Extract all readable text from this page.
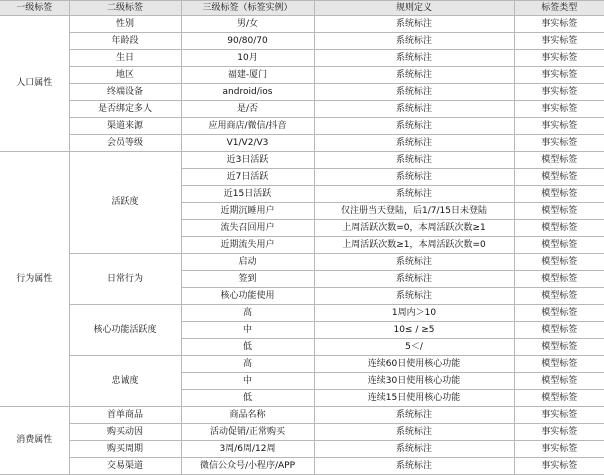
一级标签	二级标签	三级标签（标签实例）	规则定义	标签类型
人口属性	性别	男/女	系统标注	事实标签
	年龄段	90/80/70	系统标注	事实标签
	生日	10月	系统标注	事实标签
	地区	福建-厦门	系统标注	事实标签
	终端设备	android/ios	系统标注	事实标签
	是否绑定多人	是/否	系统标注	事实标签
	渠道来源	应用商店/微信/抖音	系统标注	事实标签
	会员等级	V1/V2/V3	系统标注	事实标签
行为属性	活跃度	近3日活跃	系统标注	模型标签
		近7日活跃	系统标注	模型标签
		近15日活跃	系统标注	模型标签
		近期沉睡用户	仅注册当天登陆，后1/7/15日未登陆	模型标签
		流失召回用户	上周活跃次数=0，本周活跃次数≥1	模型标签
		近期流失用户	上周活跃次数≥1，本周活跃次数=0	模型标签
	日常行为	启动	系统标注	模型标签
		签到	系统标注	模型标签
		核心功能使用	系统标注	模型标签
	核心功能活跃度	高	1周内＞10	模型标签
		中	10≤ / ≥5	模型标签
		低	5＜/	模型标签
	忠诚度	高	连续60日使用核心功能	模型标签
		中	连续30日使用核心功能	模型标签
		低	连续15日使用核心功能	模型标签
消费属性	首单商品	商品名称	系统标注	事实标签
	购买动因	活动促销/正常购买	系统标注	事实标签
	购买周期	3周/6周/12周	系统标注	事实标签
	交易渠道	微信公众号/小程序/APP	系统标注	事实标签
